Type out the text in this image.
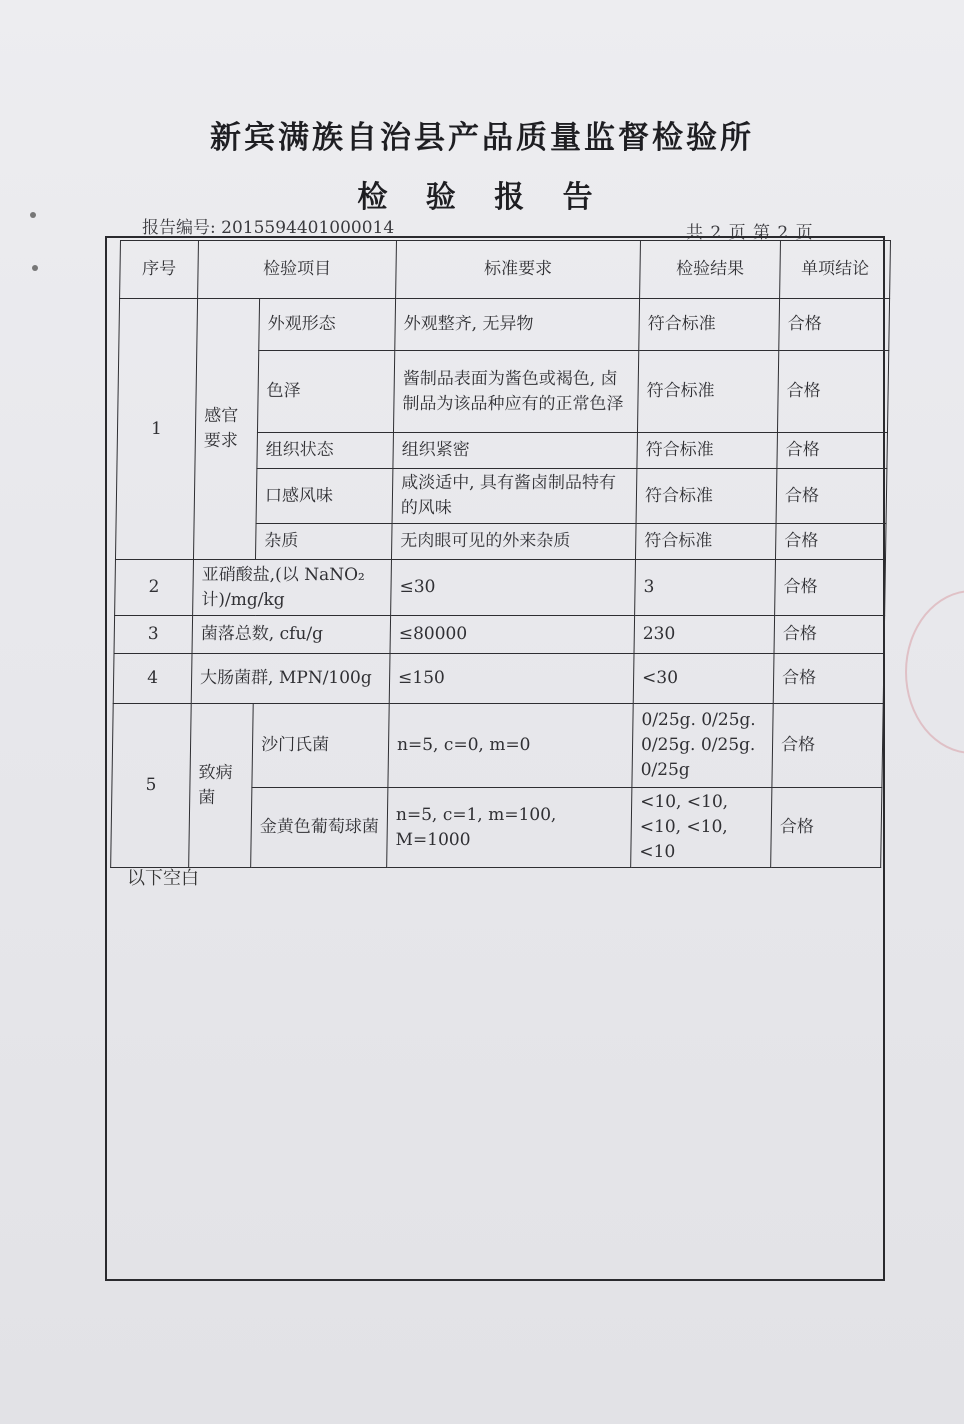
新宾满族自治县产品质量监督检验所
检 验 报 告
报告编号: 2015594401000014	共 2 页 第 2 页
序号	检验项目		标准要求	检验结果	单项结论
1	感官要求	外观形态	外观整齐, 无异物	符合标准	合格
		色泽	酱制品表面为酱色或褐色, 卤制品为该品种应有的正常色泽	符合标准	合格
		组织状态	组织紧密	符合标准	合格
		口感风味	咸淡适中, 具有酱卤制品特有的风味	符合标准	合格
		杂质	无肉眼可见的外来杂质	符合标准	合格
2	亚硝酸盐,(以 NaNO₂ 计)/mg/kg		≤30	3	合格
3	菌落总数, cfu/g		≤80000	230	合格
4	大肠菌群, MPN/100g		≤150	<30	合格
5	致病菌	沙门氏菌	n=5, c=0, m=0	0/25g. 0/25g. 0/25g. 0/25g. 0/25g	合格
		金黄色葡萄球菌	n=5, c=1, m=100, M=1000	<10, <10, <10, <10, <10	合格
以下空白
